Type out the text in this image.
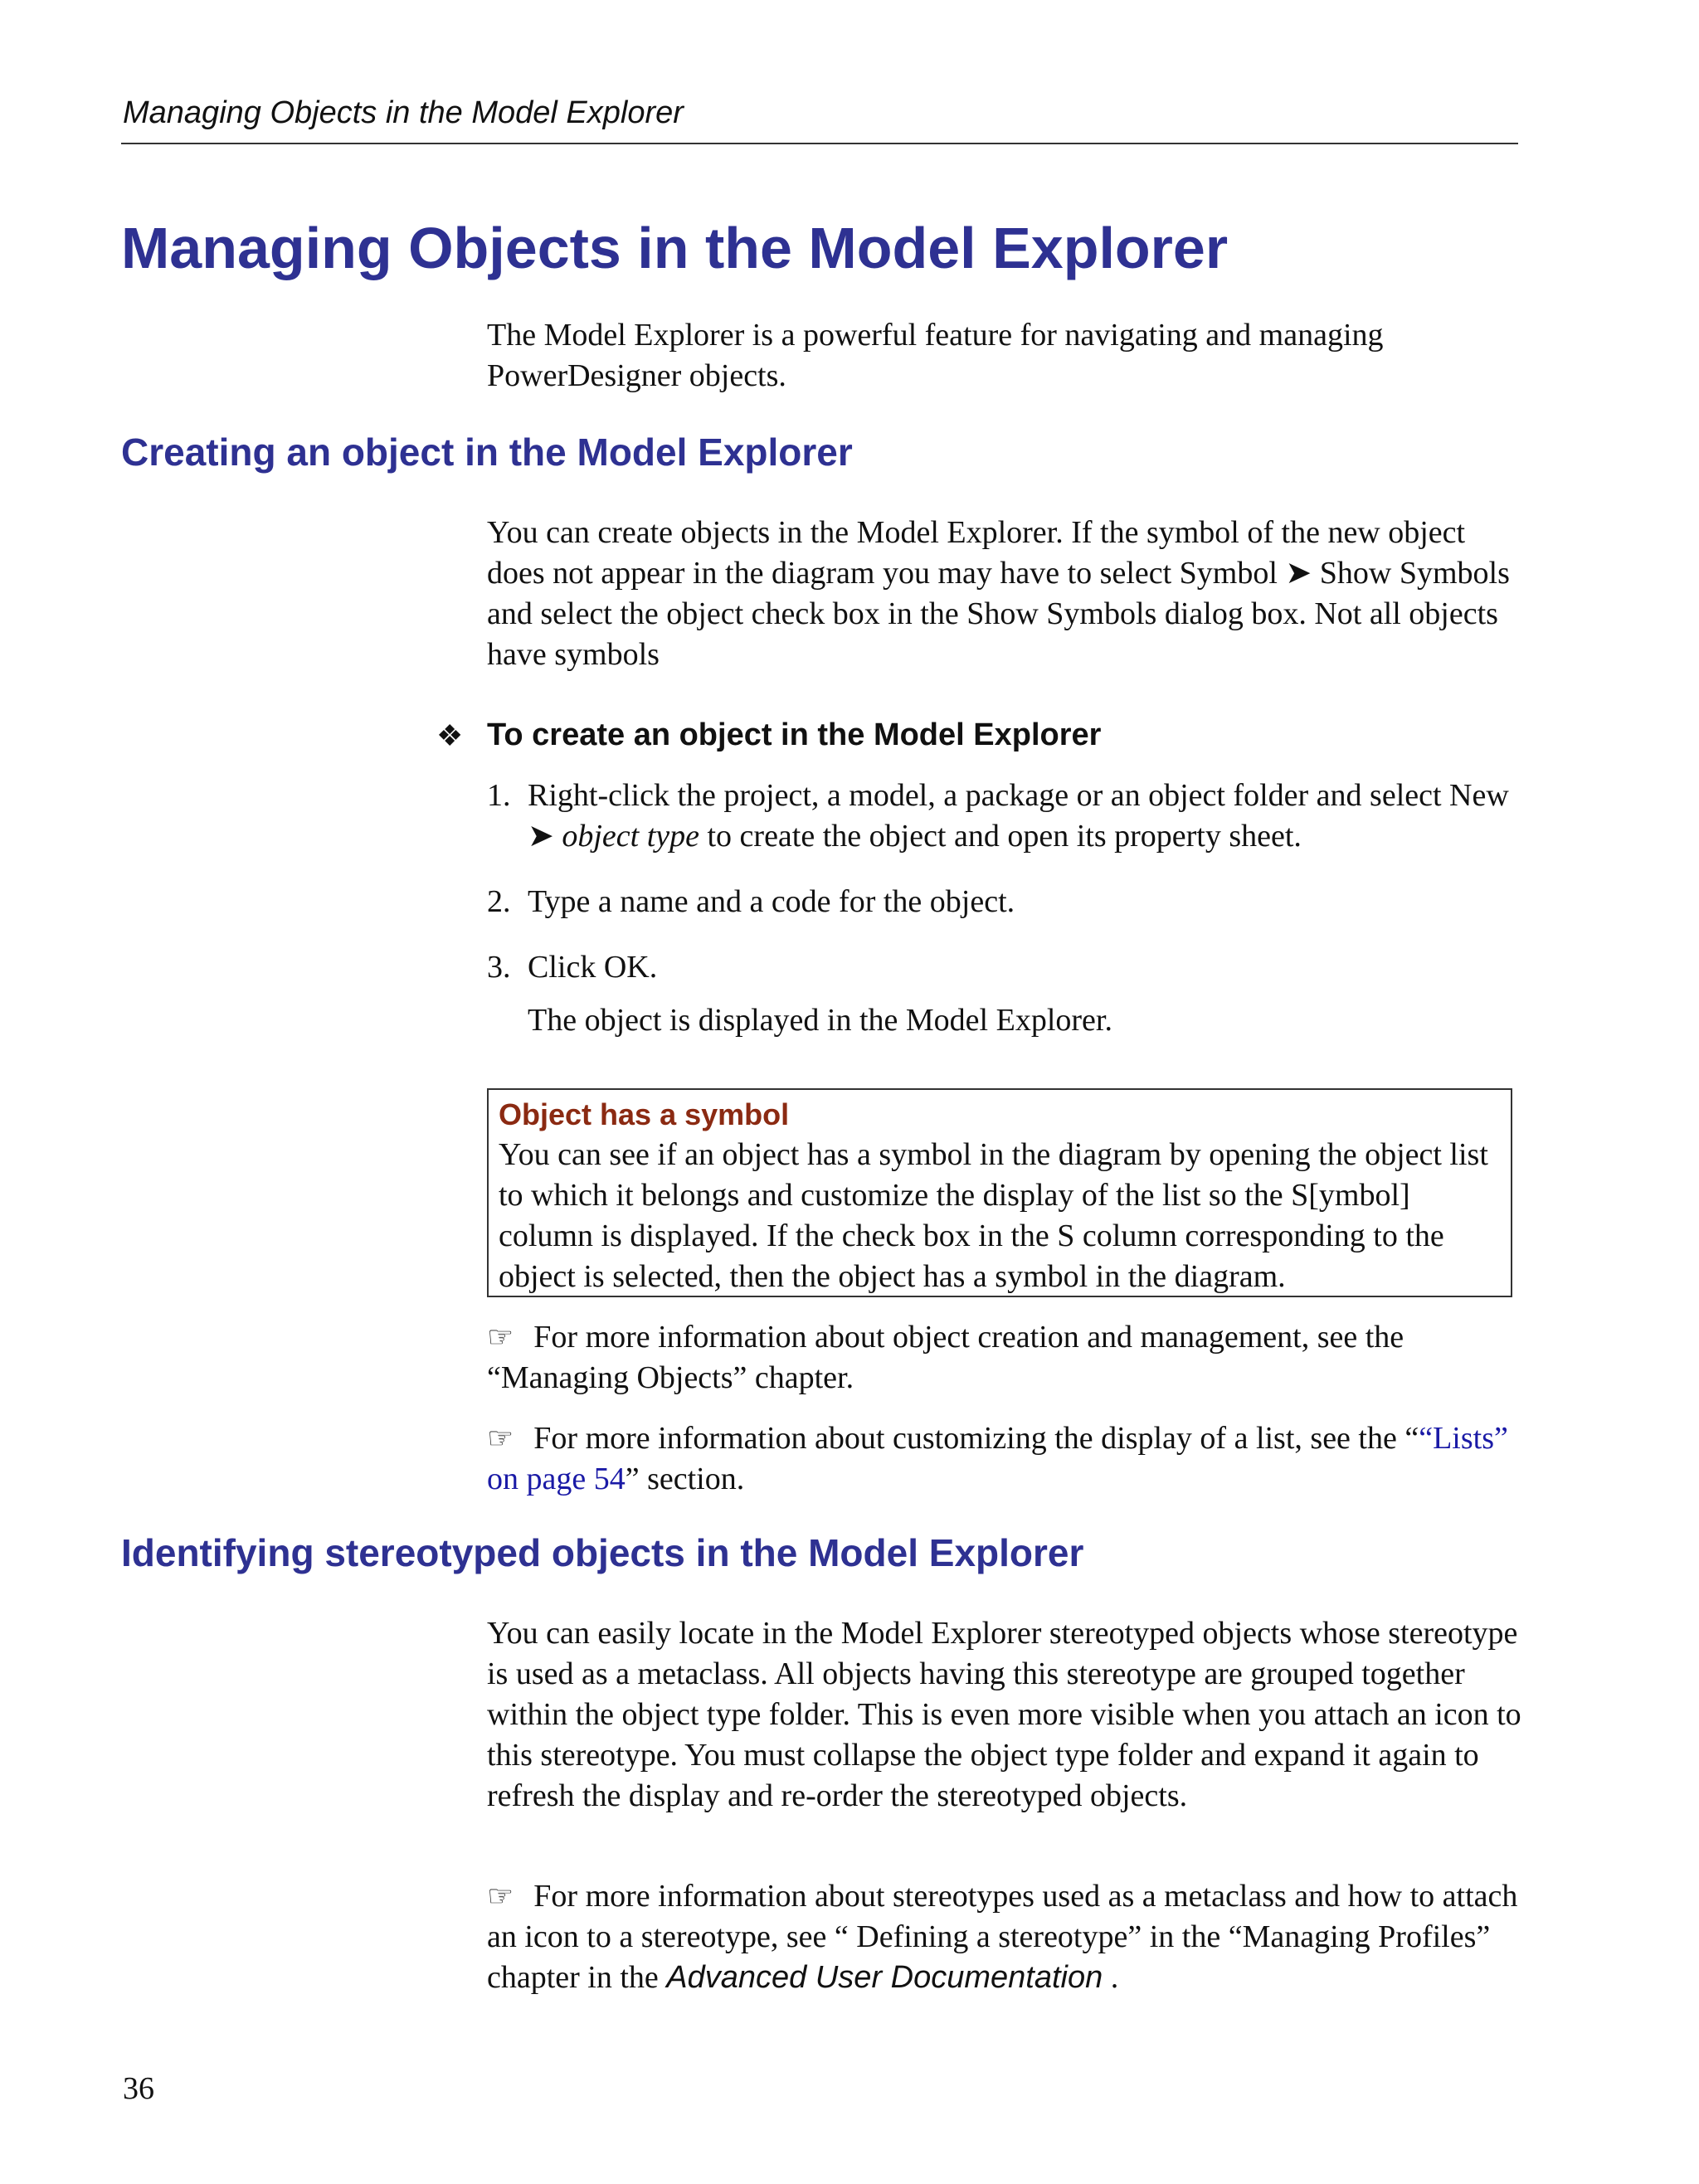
Managing Objects in the Model Explorer
Managing Objects in the Model Explorer

The Model Explorer is a powerful feature for navigating and managing PowerDesigner objects.

Creating an object in the Model Explorer

You can create objects in the Model Explorer. If the symbol of the new object does not appear in the diagram you may have to select Symbol ➤ Show Symbols and select the object check box in the Show Symbols dialog box. Not all objects have symbols

❖ To create an object in the Model Explorer
1. Right-click the project, a model, a package or an object folder and select New ➤ object type to create the object and open its property sheet.

2. Type a name and a code for the object.

3. Click OK.

The object is displayed in the Model Explorer.

Object has a symbol

You can see if an object has a symbol in the diagram by opening the object list to which it belongs and customize the display of the list so the S[ymbol] column is displayed. If the check box in the S column corresponding to the object is selected, then the object has a symbol in the diagram.

☞ For more information about object creation and management, see the “Managing Objects” chapter.

☞ For more information about customizing the display of a list, see the ““Lists” on page 54” section.

Identifying stereotyped objects in the Model Explorer

You can easily locate in the Model Explorer stereotyped objects whose stereotype is used as a metaclass. All objects having this stereotype are grouped together within the object type folder. This is even more visible when you attach an icon to this stereotype. You must collapse the object type folder and expand it again to refresh the display and re-order the stereotyped objects.

☞ For more information about stereotypes used as a metaclass and how to attach an icon to a stereotype, see “ Defining a stereotype” in the “Managing Profiles” chapter in the Advanced User Documentation .

36
